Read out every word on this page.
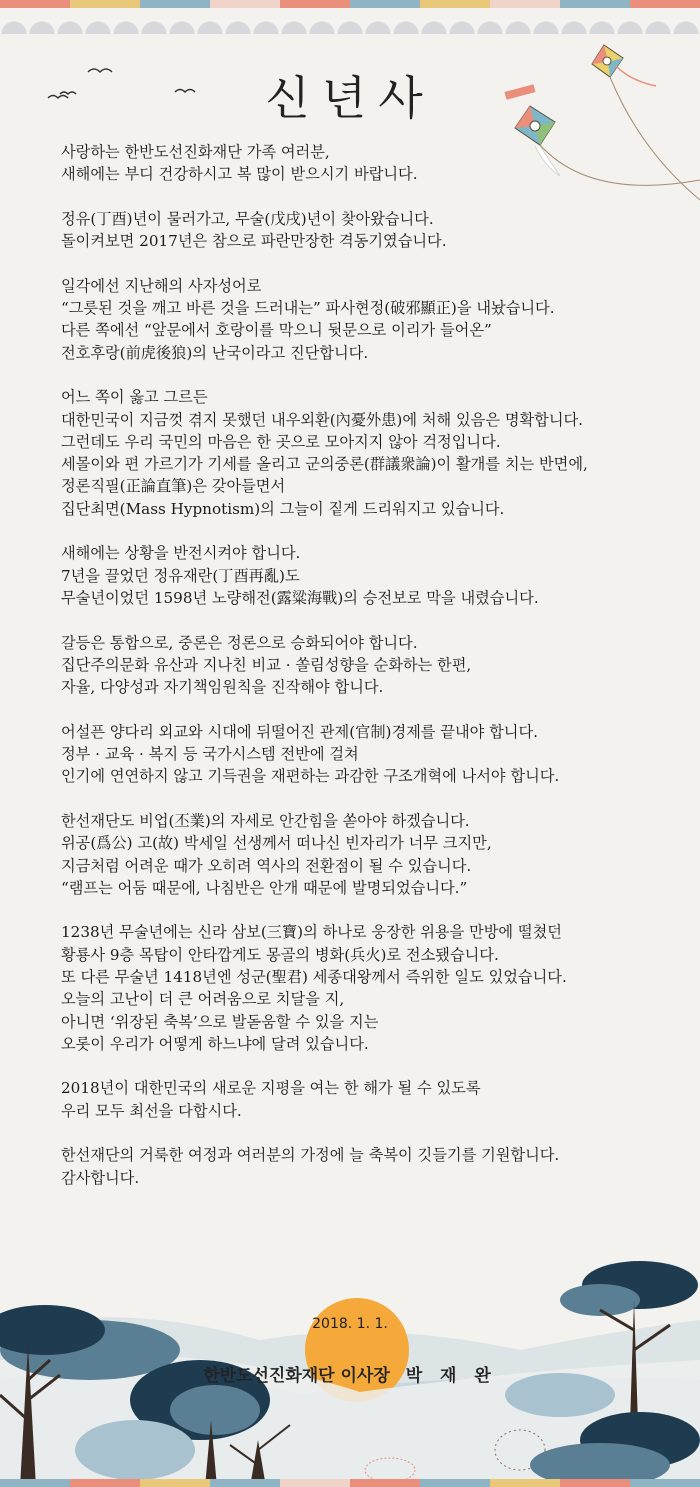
신년사

사랑하는 한반도선진화재단 가족 여러분,
새해에는 부디 건강하시고 복 많이 받으시기 바랍니다.

정유(丁酉)년이 물러가고, 무술(戊戌)년이 찾아왔습니다.
돌이켜보면 2017년은 참으로 파란만장한 격동기였습니다.

일각에선 지난해의 사자성어로
“그릇된 것을 깨고 바른 것을 드러내는” 파사현정(破邪顯正)을 내놨습니다.
다른 쪽에선 “앞문에서 호랑이를 막으니 뒷문으로 이리가 들어온”
전호후랑(前虎後狼)의 난국이라고 진단합니다.

어느 쪽이 옳고 그르든
대한민국이 지금껏 겪지 못했던 내우외환(內憂外患)에 처해 있음은 명확합니다.
그런데도 우리 국민의 마음은 한 곳으로 모아지지 않아 걱정입니다.
세몰이와 편 가르기가 기세를 올리고 군의중론(群議衆論)이 활개를 치는 반면에,
정론직필(正論直筆)은 갖아들면서
집단최면(Mass Hypnotism)의 그늘이 짙게 드리워지고 있습니다.

새해에는 상황을 반전시켜야 합니다.
7년을 끌었던 정유재란(丁酉再亂)도
무술년이었던 1598년 노량해전(露粱海戰)의 승전보로 막을 내렸습니다.

갈등은 통합으로, 중론은 정론으로 승화되어야 합니다.
집단주의문화 유산과 지나친 비교 · 쏠림성향을 순화하는 한편,
자율, 다양성과 자기책임원칙을 진작해야 합니다.

어설픈 양다리 외교와 시대에 뒤떨어진 관제(官制)경제를 끝내야 합니다.
정부 · 교육 · 복지 등 국가시스템 전반에 걸쳐
인기에 연연하지 않고 기득권을 재편하는 과감한 구조개혁에 나서야 합니다.

한선재단도 비업(丕業)의 자세로 안간힘을 쏟아야 하겠습니다.
위공(爲公) 고(故) 박세일 선생께서 떠나신 빈자리가 너무 크지만,
지금처럼 어려운 때가 오히려 역사의 전환점이 될 수 있습니다.
“램프는 어둠 때문에, 나침반은 안개 때문에 발명되었습니다.”

1238년 무술년에는 신라 삼보(三寶)의 하나로 웅장한 위용을 만방에 떨쳤던
황룡사 9층 목탑이 안타깝게도 몽골의 병화(兵火)로 전소됐습니다.
또 다른 무술년 1418년엔 성군(聖君) 세종대왕께서 즉위한 일도 있었습니다.
오늘의 고난이 더 큰 어려움으로 치달을 지,
아니면 ‘위장된 축복’으로 발돋움할 수 있을 지는
오롯이 우리가 어떻게 하느냐에 달려 있습니다.

2018년이 대한민국의 새로운 지평을 여는 한 해가 될 수 있도록
우리 모두 최선을 다합시다.

한선재단의 거룩한 여정과 여러분의 가정에 늘 축복이 깃들기를 기원합니다.
감사합니다.

2018. 1. 1.
한반도선진화재단 이사장 박 재 완
